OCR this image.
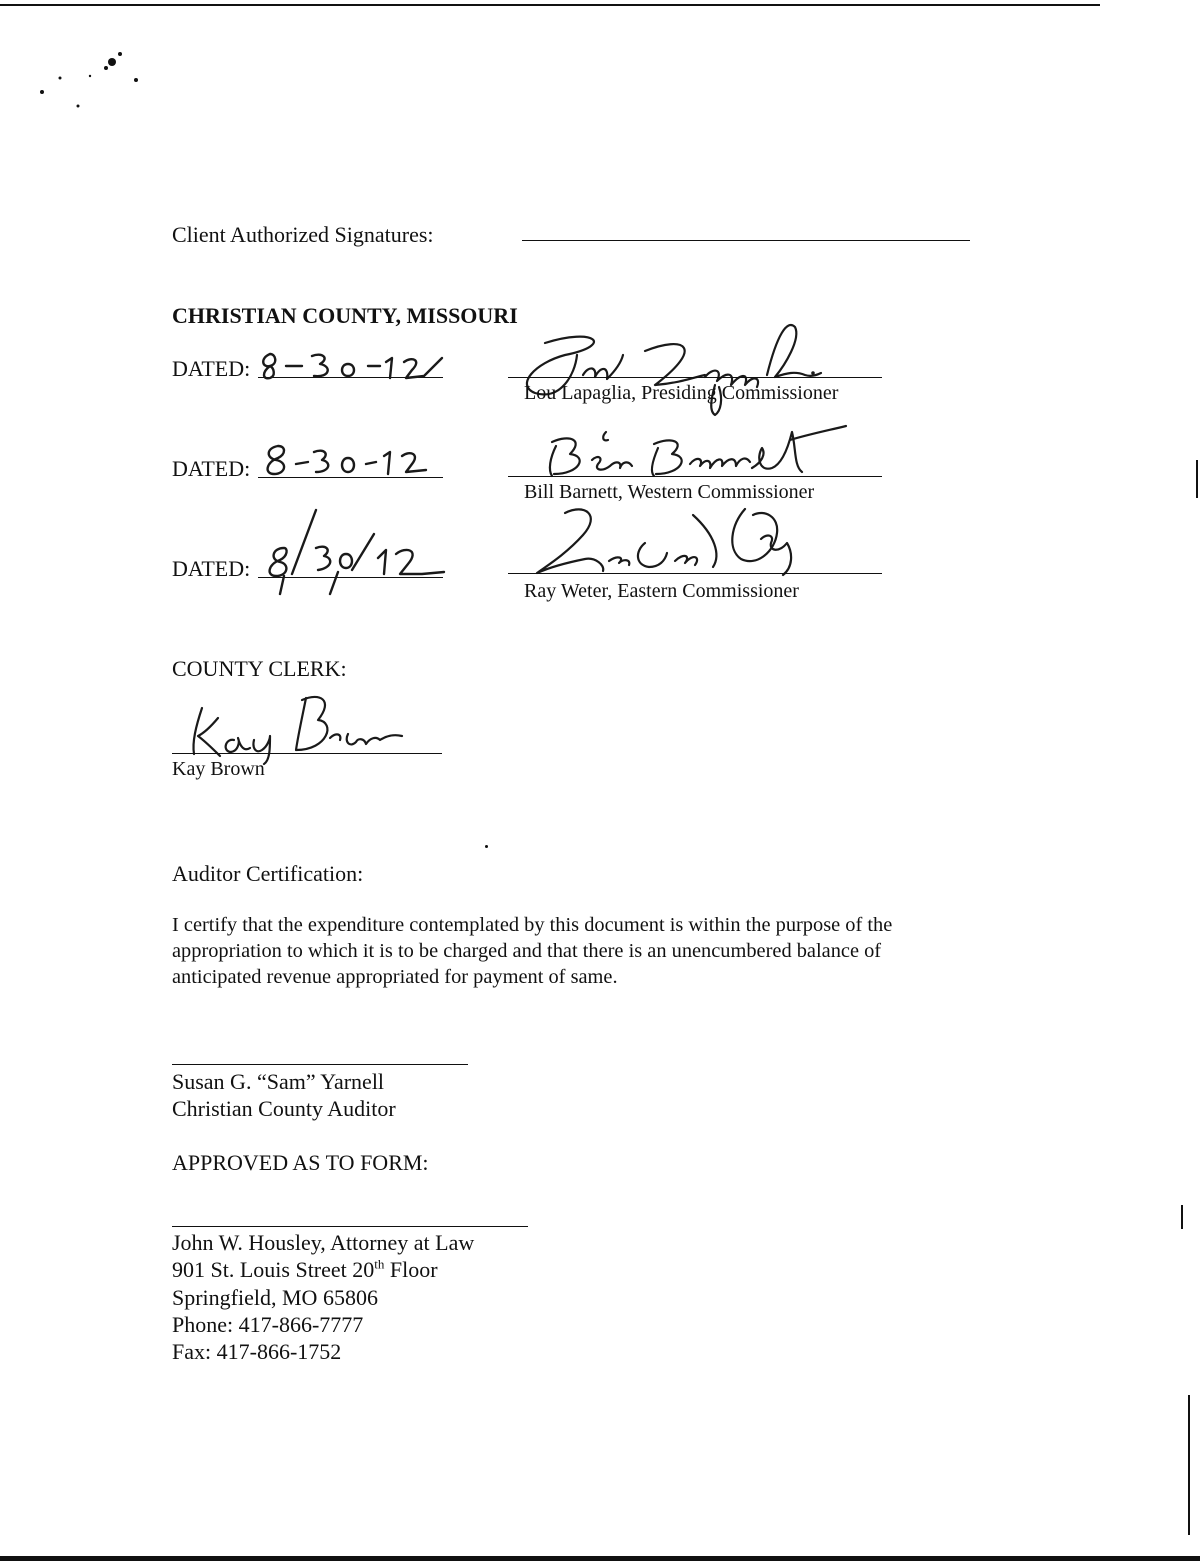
Client Authorized Signatures:
CHRISTIAN COUNTY, MISSOURI
DATED:
Lou Lapaglia, Presiding Commissioner
DATED:
Bill Barnett, Western Commissioner
DATED:
Ray Weter, Eastern Commissioner
COUNTY CLERK:
Kay Brown
Auditor Certification:
I certify that the expenditure contemplated by this document is within the purpose of the
appropriation to which it is to be charged and that there is an unencumbered balance of
anticipated revenue appropriated for payment of same.
Susan G. “Sam” Yarnell
Christian County Auditor
APPROVED AS TO FORM:
John W. Housley, Attorney at Law
901 St. Louis Street 20th Floor
Springfield, MO 65806
Phone: 417-866-7777
Fax: 417-866-1752
